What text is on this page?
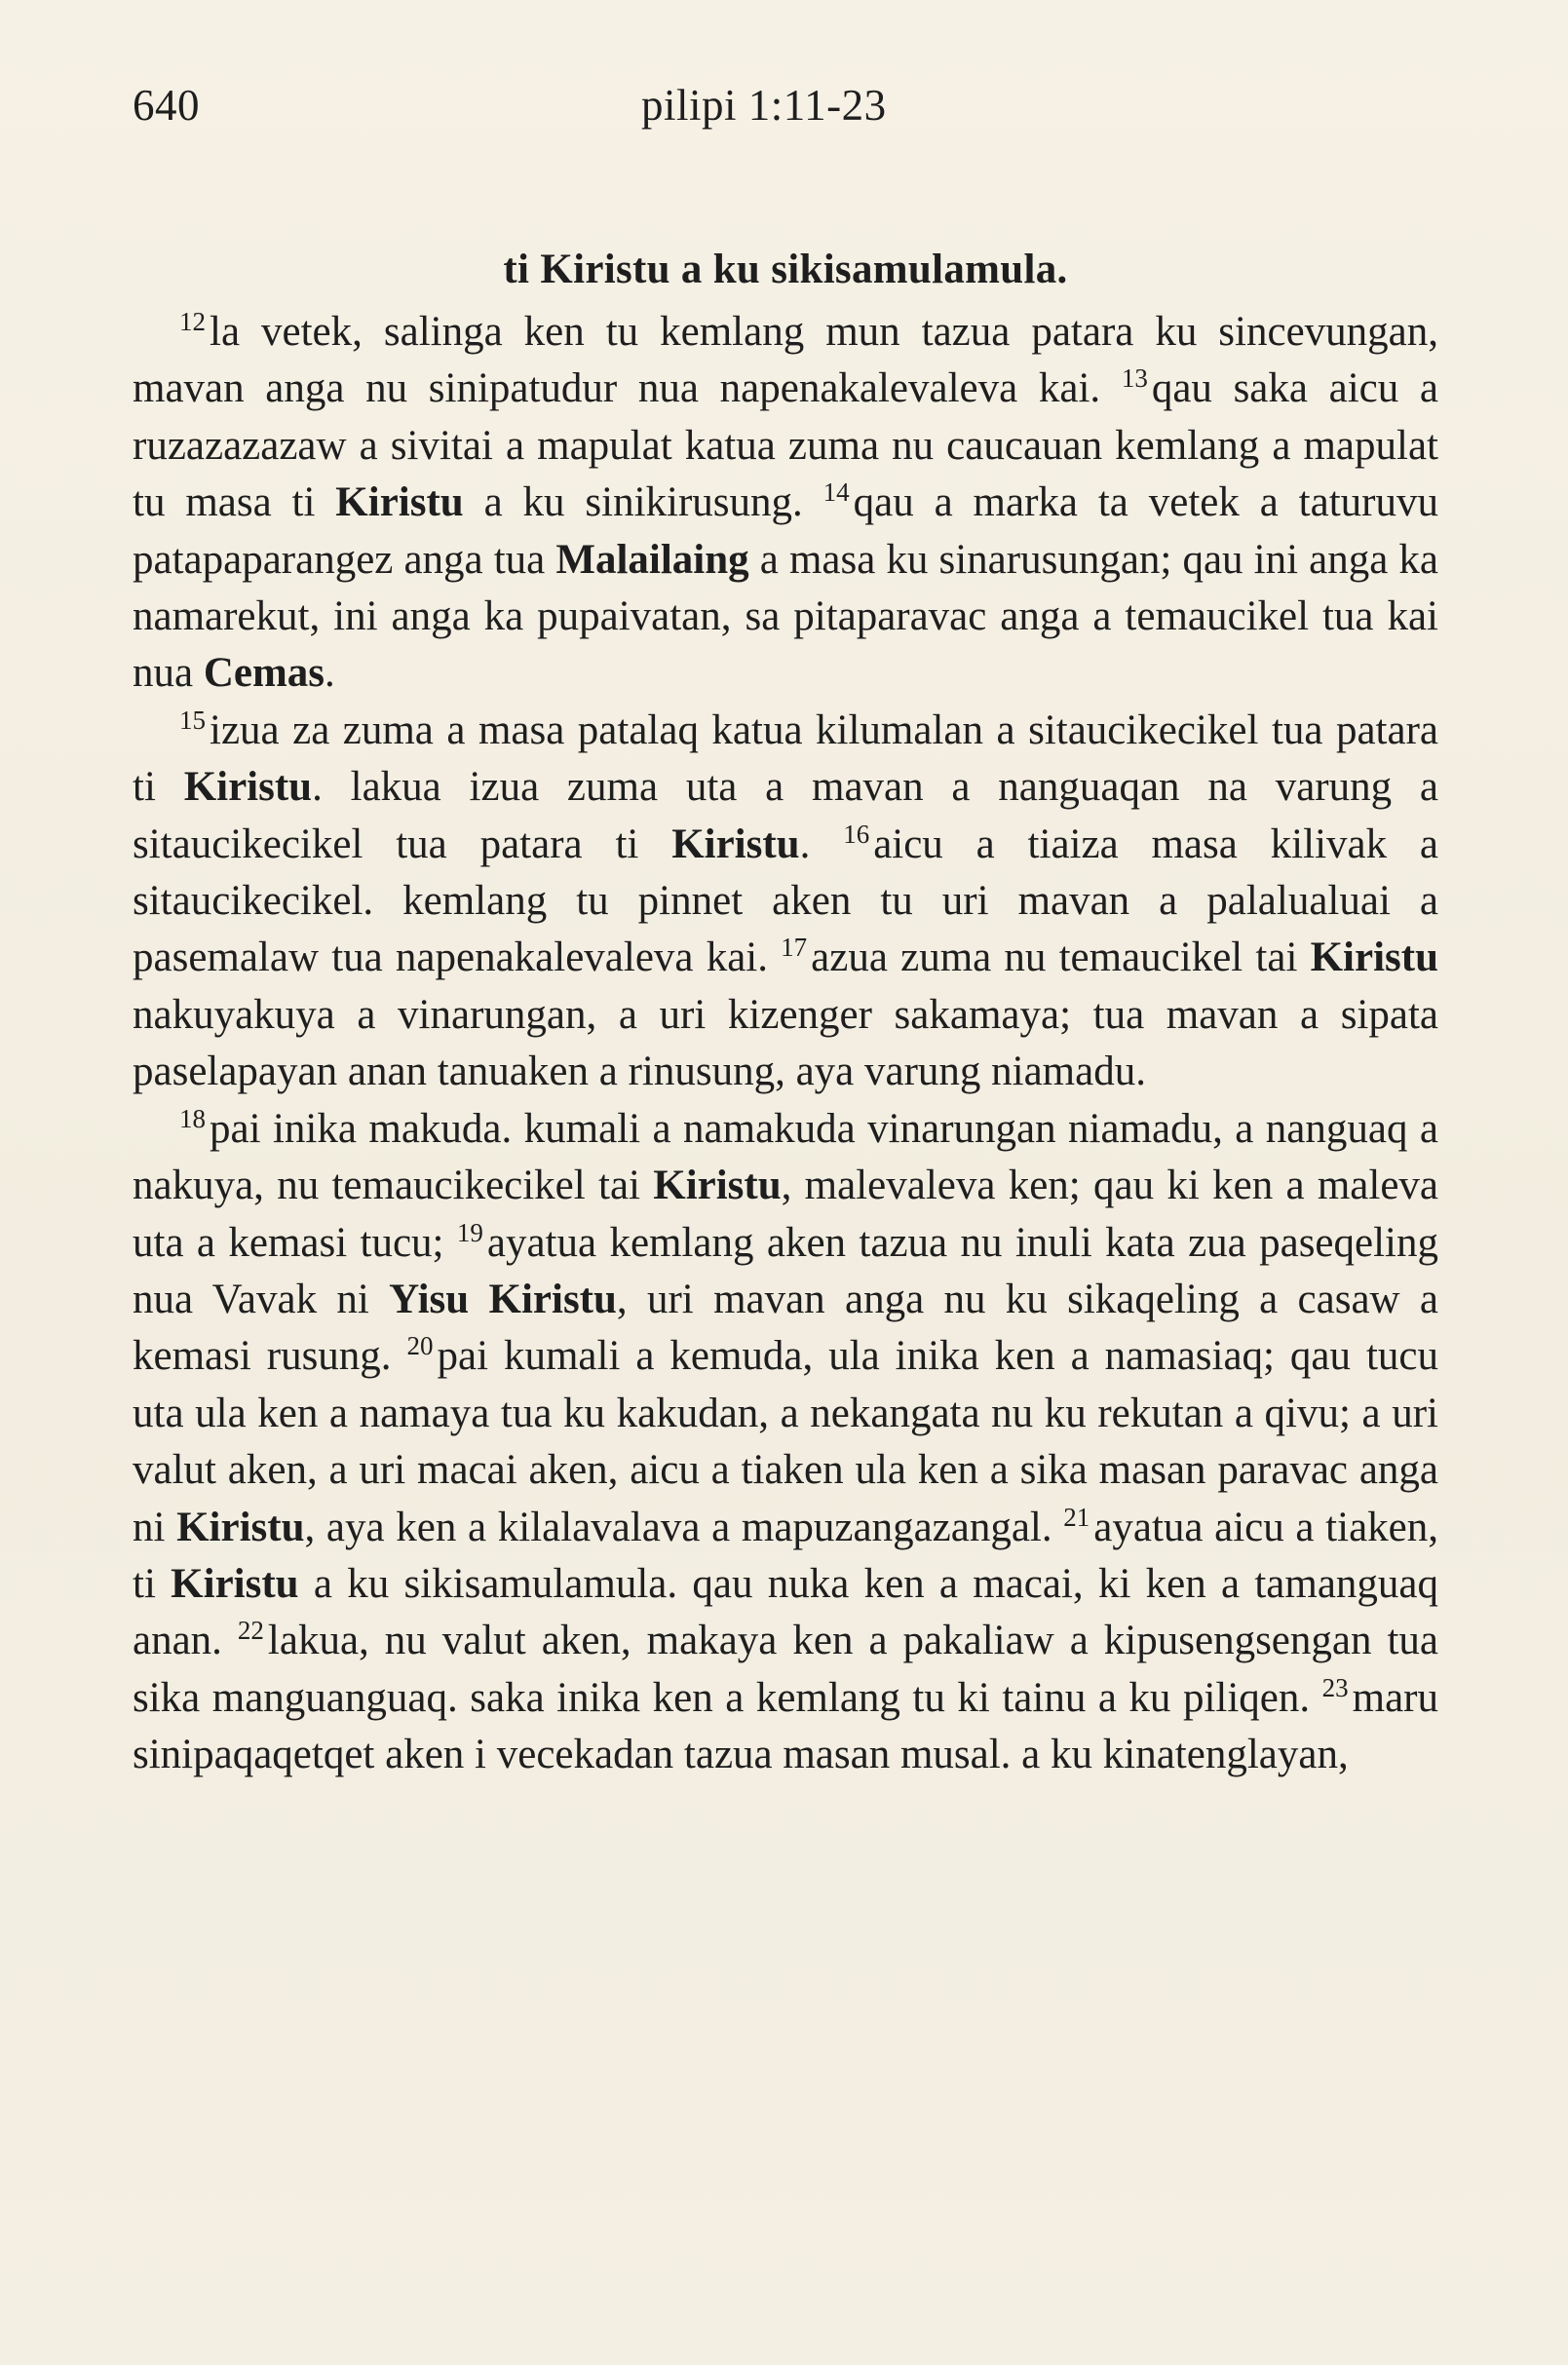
640	pilipi 1:11-23
ti Kiristu a ku sikisamulamula.

$^{12}$la vetek, salinga ken tu kemlang mun tazua patara ku sincevungan, mavan anga nu sinipatudur nua napenakalevaleva kai. $^{13}$qau saka aicu a ruzazazazaw a sivitai a mapulat katua zuma nu caucauan kemlang a mapulat tu masa ti Kiristu a ku sinikirusung. $^{14}$qau a marka ta vetek a taturuvu patapaparangez anga tua Malailaing a masa ku sinarusungan; qau ini anga ka namarekut, ini anga ka pupaivatan, sa pitaparavac anga a temaucikel tua kai nua Cemas.

$^{15}$izua za zuma a masa patalaq katua kilumalan a sitaucikecikel tua patara ti Kiristu. lakua izua zuma uta a mavan a nanguaqan na varung a sitaucikecikel tua patara ti Kiristu. $^{16}$aicu a tiaiza masa kilivak a sitaucikecikel. kemlang tu pinnet aken tu uri mavan a palalualuai a pasemalaw tua napenakalevaleva kai. $^{17}$azua zuma nu temaucikel tai Kiristu nakuyakuya a vinarungan, a uri kizenger sakamaya; tua mavan a sipata paselapayan anan tanuaken a rinusung, aya varung niamadu.

$^{18}$pai inika makuda. kumali a namakuda vinarungan niamadu, a nanguaq a nakuya, nu temaucikecikel tai Kiristu, malevaleva ken; qau ki ken a maleva uta a kemasi tucu; $^{19}$ayatua kemlang aken tazua nu inuli kata zua paseqeling nua Vavak ni Yisu Kiristu, uri mavan anga nu ku sikaqeling a casaw a kemasi rusung. $^{20}$pai kumali a kemuda, ula inika ken a namasiaq; qau tucu uta ula ken a namaya tua ku kakudan, a nekangata nu ku rekutan a qivu; a uri valut aken, a uri macai aken, aicu a tiaken ula ken a sika masan paravac anga ni Kiristu, aya ken a kilalavalava a mapuzangazangal. $^{21}$ayatua aicu a tiaken, ti Kiristu a ku sikisamulamula. qau nuka ken a macai, ki ken a tamanguaq anan. $^{22}$lakua, nu valut aken, makaya ken a pakaliaw a kipusengsengan tua sika manguanguaq. saka inika ken a kemlang tu ki tainu a ku piliqen. $^{23}$maru sinipaqaqetqet aken i vecekadan tazua masan musal. a ku kinatenglayan,
